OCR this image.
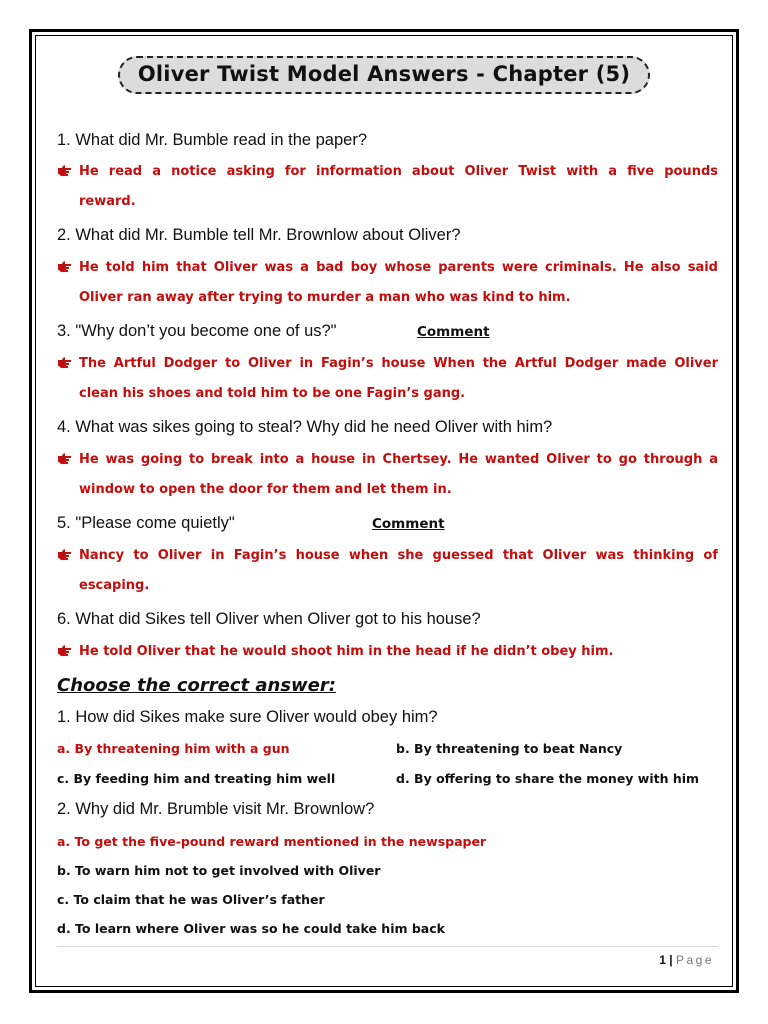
Oliver Twist Model Answers - Chapter (5)
1. What did Mr. Bumble read in the paper?
He read a notice asking for information about Oliver Twist with a five pounds
reward.
2. What did Mr. Bumble tell Mr. Brownlow about Oliver?
He told him that Oliver was a bad boy whose parents were criminals. He also said
Oliver ran away after trying to murder a man who was kind to him.
3. "Why don’t you become one of us?"	Comment
The Artful Dodger to Oliver in Fagin’s house When the Artful Dodger made Oliver
clean his shoes and told him to be one Fagin’s gang.
4. What was sikes going to steal? Why did he need Oliver with him?
He was going to break into a house in Chertsey. He wanted Oliver to go through a
window to open the door for them and let them in.
5. "Please come quietly"	Comment
Nancy to Oliver in Fagin’s house when she guessed that Oliver was thinking of
escaping.
6. What did Sikes tell Oliver when Oliver got to his house?
He told Oliver that he would shoot him in the head if he didn’t obey him.
Choose the correct answer:
1. How did Sikes make sure Oliver would obey him?
a. By threatening him with a gun	b. By threatening to beat Nancy
c. By feeding him and treating him well	d. By offering to share the money with him
2. Why did Mr. Brumble visit Mr. Brownlow?
a. To get the five-pound reward mentioned in the newspaper
b. To warn him not to get involved with Oliver
c. To claim that he was Oliver’s father
d. To learn where Oliver was so he could take him back
1 | Page
